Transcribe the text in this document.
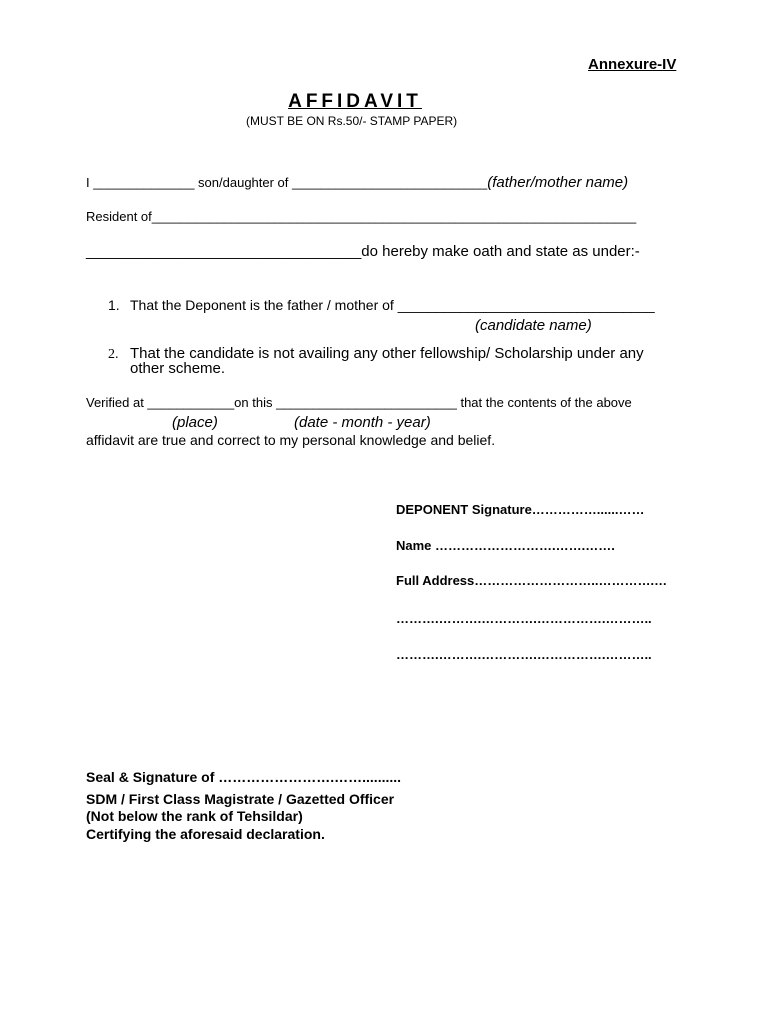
Annexure-IV
AFFIDAVIT
(MUST BE ON Rs.50/- STAMP PAPER)
I ______________ son/daughter of ___________________________(father/mother name)
Resident of___________________________________________________________________
_________________________________do hereby make oath and state as under:-
1. That the Deponent is the father / mother of _________________________________
(candidate name)
2. That the candidate is not availing any other fellowship/ Scholarship under any
other scheme.
Verified at ____________on this _________________________ that the contents of the above
(place)	(date - month - year)
affidavit are true and correct to my personal knowledge and belief.
DEPONENT Signature……………......……
Name ……………………….…….…….
Full Address………………………..………….…
……….……….………….…………….………..
……….……….………….…………….………..
Seal & Signature of …………………….……..........
SDM / First Class Magistrate / Gazetted Officer
(Not below the rank of Tehsildar)
Certifying the aforesaid declaration.
